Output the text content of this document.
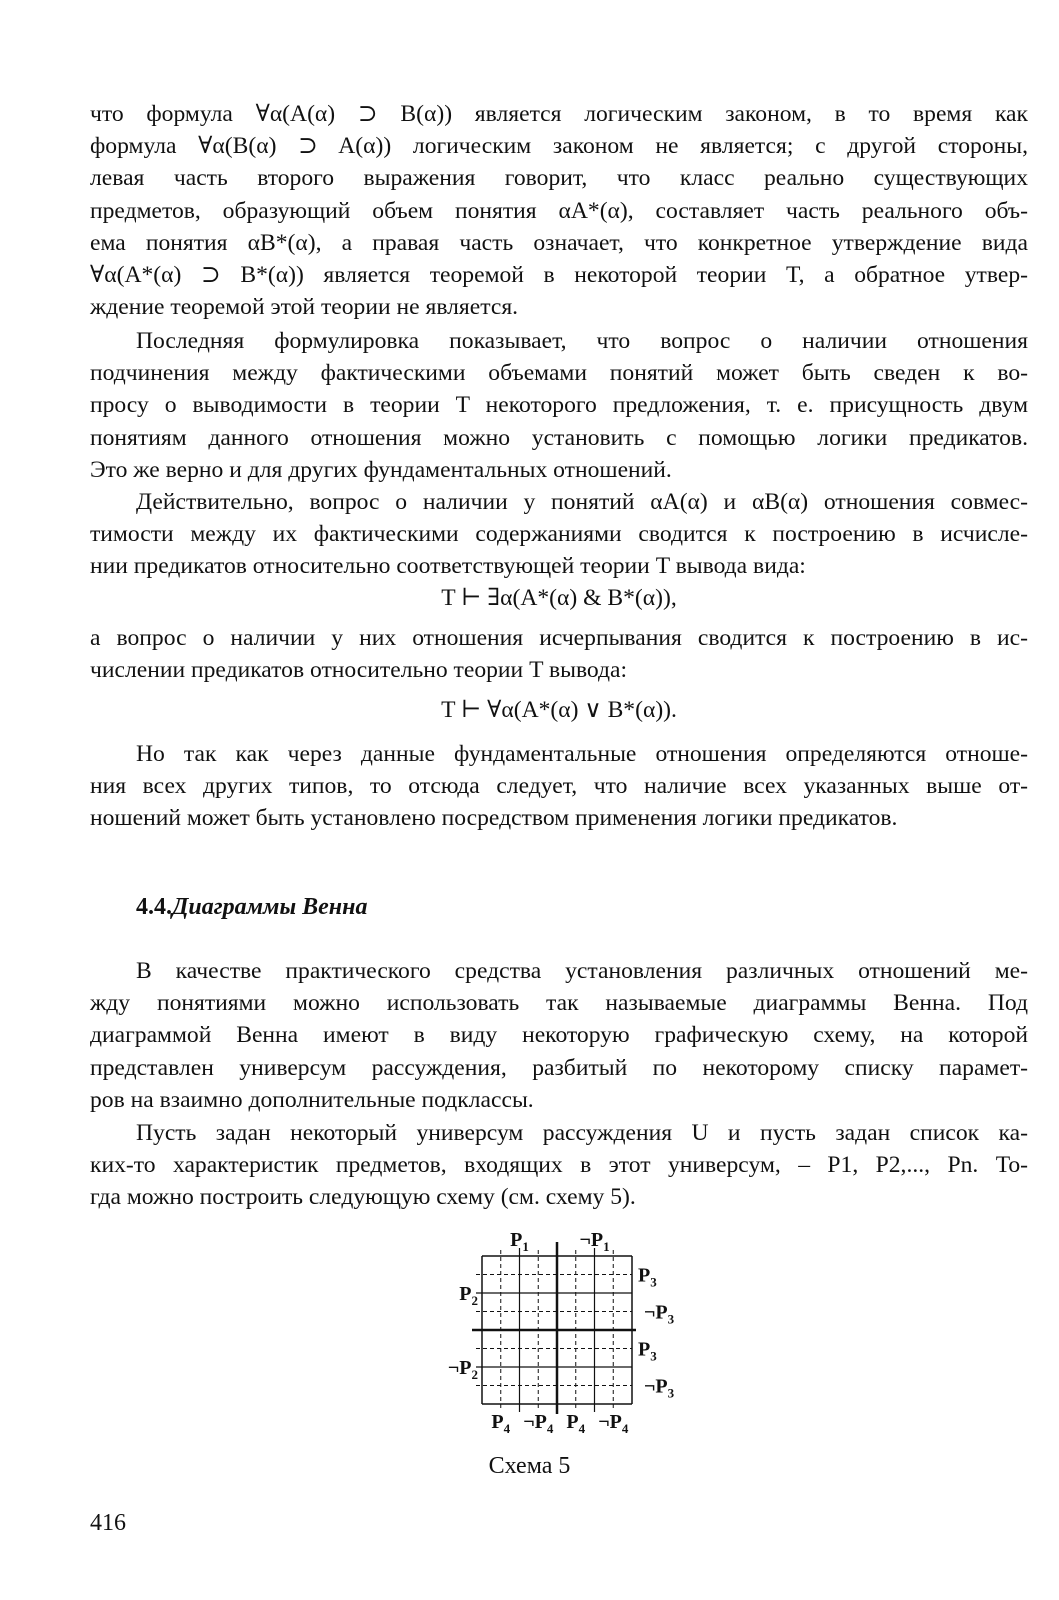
что формула ∀α(A(α) ⊃ B(α)) является логическим законом, в то время как
формула ∀α(B(α) ⊃ A(α)) логическим законом не является; с другой стороны,
левая часть второго выражения говорит, что класс реально существующих
предметов, образующий объем понятия αA*(α), составляет часть реального объ-
ема понятия αB*(α), а правая часть означает, что конкретное утверждение вида
∀α(A*(α) ⊃ B*(α)) является теоремой в некоторой теории T, а обратное утвер-
ждение теоремой этой теории не является.
Последняя формулировка показывает, что вопрос о наличии отношения
подчинения между фактическими объемами понятий может быть сведен к во-
просу о выводимости в теории T некоторого предложения, т. е. присущность двум
понятиям данного отношения можно установить с помощью логики предикатов.
Это же верно и для других фундаментальных отношений.
Действительно, вопрос о наличии у понятий αA(α) и αB(α) отношения совмес-
тимости между их фактическими содержаниями сводится к построению в исчисле-
нии предикатов относительно соответствующей теории T вывода вида:
T ⊢ ∃α(A*(α) & B*(α)),
а вопрос о наличии у них отношения исчерпывания сводится к построению в ис-
числении предикатов относительно теории T вывода:
T ⊢ ∀α(A*(α) ∨ B*(α)).
Но так как через данные фундаментальные отношения определяются отноше-
ния всех других типов, то отсюда следует, что наличие всех указанных выше от-
ношений может быть установлено посредством применения логики предикатов.
4.4.Диаграммы Венна
В качестве практического средства установления различных отношений ме-
жду понятиями можно использовать так называемые диаграммы Венна. Под
диаграммой Венна имеют в виду некоторую графическую схему, на которой
представлен универсум рассуждения, разбитый по некоторому списку парамет-
ров на взаимно дополнительные подклассы.
Пусть задан некоторый универсум рассуждения U и пусть задан список ка-
ких-то характеристик предметов, входящих в этот универсум, – P1, P2,..., Pn. То-
гда можно построить следующую схему (см. схему 5).
$P_1$	$\neg P_1$
$P_2$
$\neg P_2$
$P_3$
$\neg P_3$
$P_3$
$\neg P_3$
$P_4$ $\neg P_4$ $P_4$ $\neg P_4$
Схема 5
416
